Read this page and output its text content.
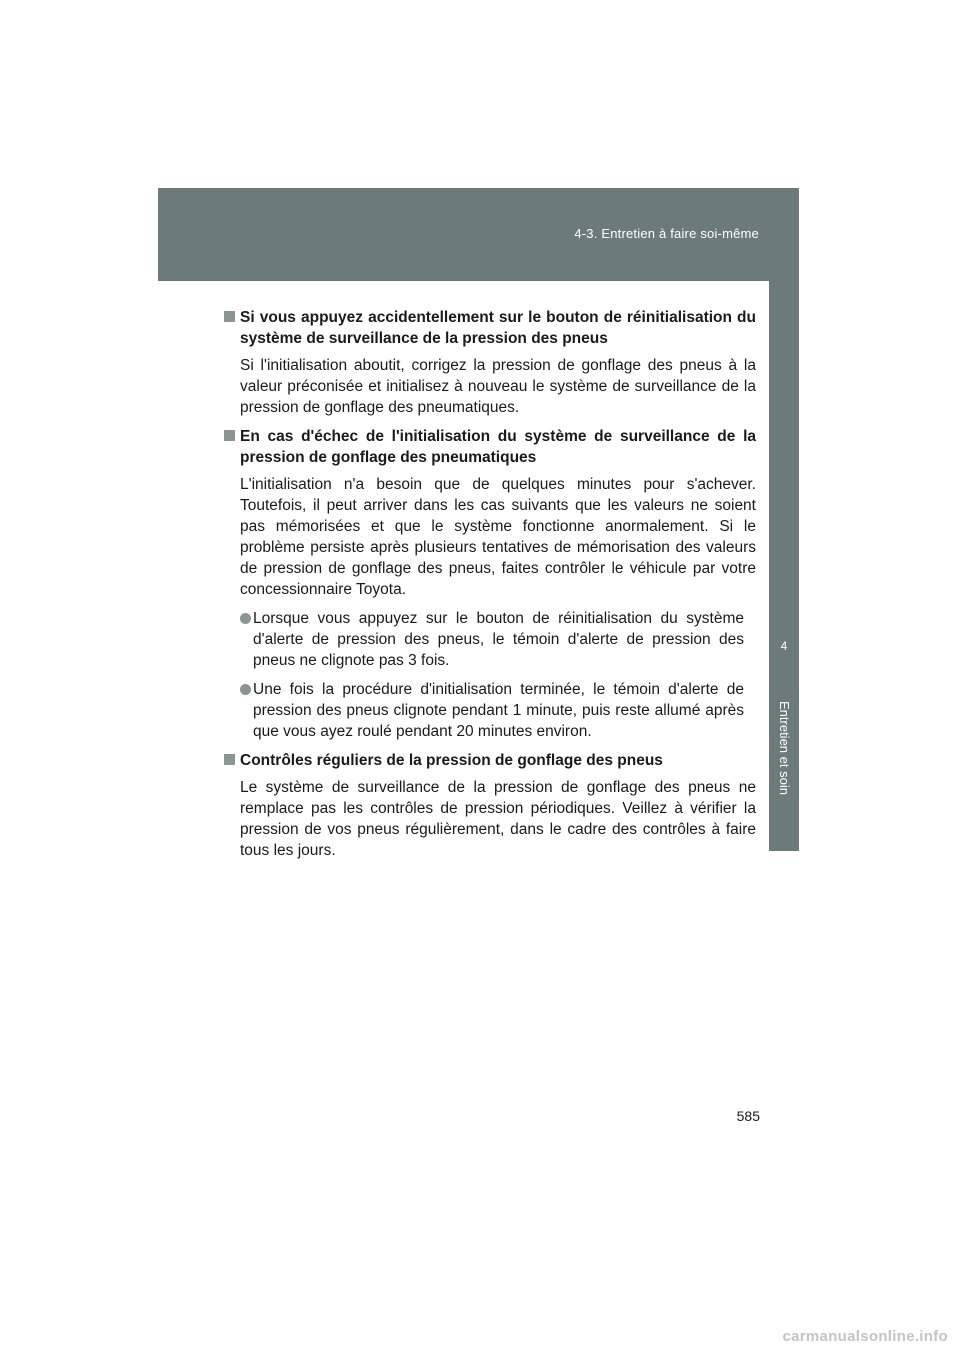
4-3. Entretien à faire soi-même
4
Entretien et soin
Si vous appuyez accidentellement sur le bouton de réinitialisation du système de surveillance de la pression des pneus
Si l'initialisation aboutit, corrigez la pression de gonflage des pneus à la valeur préconisée et initialisez à nouveau le système de surveillance de la pression de gonflage des pneumatiques.
En cas d'échec de l'initialisation du système de surveillance de la pression de gonflage des pneumatiques
L'initialisation n'a besoin que de quelques minutes pour s'achever. Toutefois, il peut arriver dans les cas suivants que les valeurs ne soient pas mémorisées et que le système fonctionne anormalement. Si le problème persiste après plusieurs tentatives de mémorisation des valeurs de pression de gonflage des pneus, faites contrôler le véhicule par votre concessionnaire Toyota.
Lorsque vous appuyez sur le bouton de réinitialisation du système d'alerte de pression des pneus, le témoin d'alerte de pression des pneus ne clignote pas 3 fois.
Une fois la procédure d'initialisation terminée, le témoin d'alerte de pression des pneus clignote pendant 1 minute, puis reste allumé après que vous ayez roulé pendant 20 minutes environ.
Contrôles réguliers de la pression de gonflage des pneus
Le système de surveillance de la pression de gonflage des pneus ne remplace pas les contrôles de pression périodiques. Veillez à vérifier la pression de vos pneus régulièrement, dans le cadre des contrôles à faire tous les jours.
585
carmanualsonline.info
